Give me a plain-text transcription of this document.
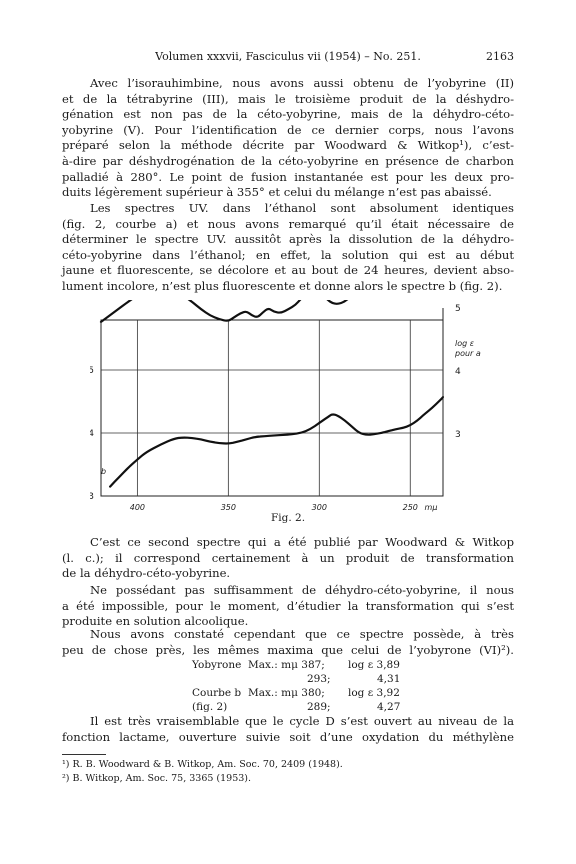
Volumen xxxvii, Fasciculus vii (1954) – No. 251.	2163
Avec l’isorauhimbine, nous avons aussi obtenu de l’yobyrine (II)
et de la tétrabyrine (III), mais le troisième produit de la déshydro-
génation est non pas de la céto-yobyrine, mais de la déhydro-céto-
yobyrine (V). Pour l’identification de ce dernier corps, nous l’avons
préparé selon la méthode décrite par Woodward & Witkop¹), c’est-
à-dire par déshydrogénation de la céto-yobyrine en présence de charbon
palladié à 280°. Le point de fusion instantanée est pour les deux pro-
duits légèrement supérieur à 355° et celui du mélange n’est pas abaissé.
Les spectres UV. dans l’éthanol sont absolument identiques
(fig. 2, courbe a) et nous avons remarqué qu’il était nécessaire de
déterminer le spectre UV. aussitôt après la dissolution de la déhydro-
céto-yobyrine dans l’éthanol; en effet, la solution qui est au début
jaune et fluorescente, se décolore et au bout de 24 heures, devient abso-
lument incolore, n’est plus fluorescente et donne alors le spectre b (fig. 2).
400	350	300	250 mμ
3
4
5
3
4
5
log ε
pour a
b
Fig. 2.
C’est ce second spectre qui a été publié par Woodward & Witkop
(l. c.); il correspond certainement à un produit de transformation
de la déhydro-céto-yobyrine.
Ne possédant pas suffisamment de déhydro-céto-yobyrine, il nous
a été impossible, pour le moment, d’étudier la transformation qui s’est
produite en solution alcoolique.
Nous avons constaté cependant que ce spectre possède, à très
peu de chose près, les mêmes maxima que celui de l’yobyrone (VI)²).
Yobyrone Max.: mμ 387; log ε 3,89
293;	4,31
Courbe b Max.: mμ 380; log ε 3,92
(fig. 2)	289;	4,27
Il est très vraisemblable que le cycle D s’est ouvert au niveau de la
fonction lactame, ouverture suivie soit d’une oxydation du méthylène
¹) R. B. Woodward & B. Witkop, Am. Soc. 70, 2409 (1948).
²) B. Witkop, Am. Soc. 75, 3365 (1953).
